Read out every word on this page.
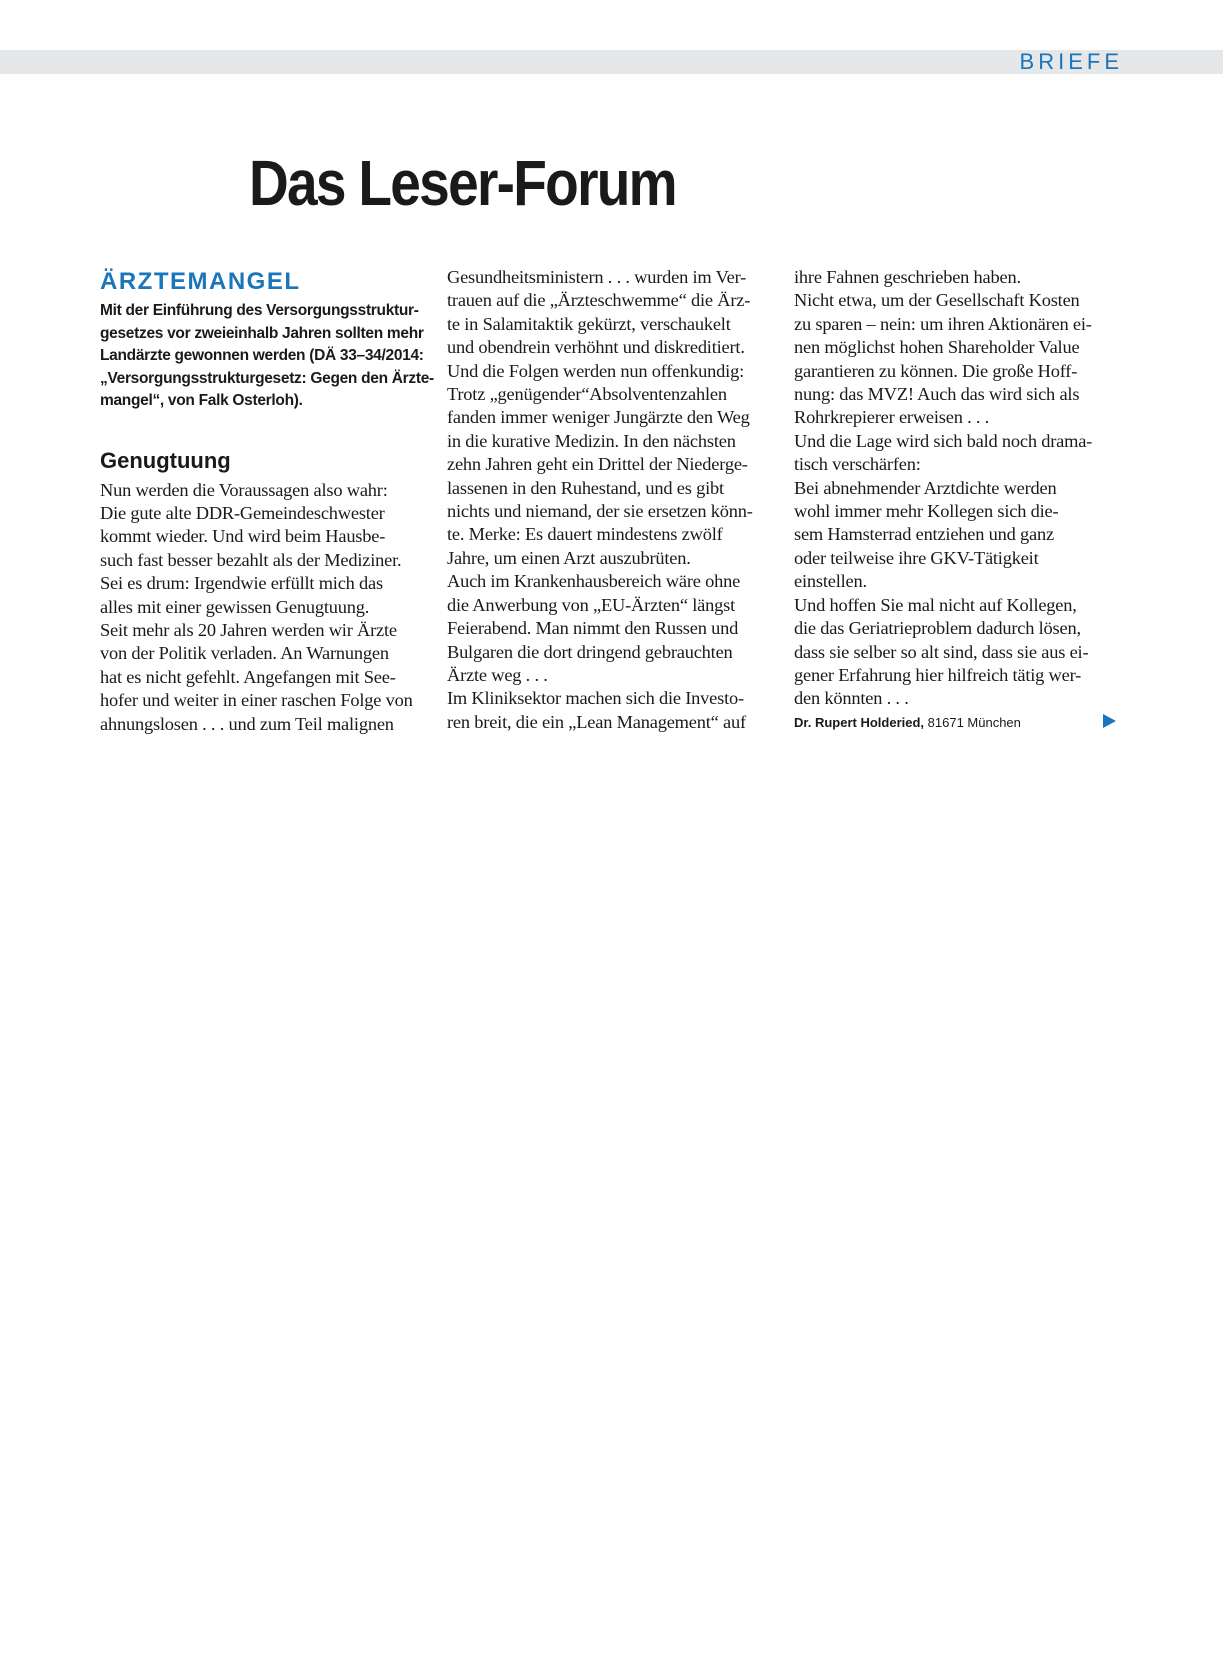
BRIEFE
Das Leser-Forum
ÄRZTEMANGEL

Mit der Einführung des Versorgungsstruktur-
gesetzes vor zweieinhalb Jahren sollten mehr
Landärzte gewonnen werden (DÄ 33–34/2014:
„Versorgungsstrukturgesetz: Gegen den Ärzte-
mangel“, von Falk Osterloh).

Genugtuung

Nun werden die Voraussagen also wahr:
Die gute alte DDR-Gemeindeschwester
kommt wieder. Und wird beim Hausbe-
such fast besser bezahlt als der Mediziner.
Sei es drum: Irgendwie erfüllt mich das
alles mit einer gewissen Genugtuung.
Seit mehr als 20 Jahren werden wir Ärzte
von der Politik verladen. An Warnungen
hat es nicht gefehlt. Angefangen mit See-
hofer und weiter in einer raschen Folge von
ahnungslosen . . . und zum Teil malignen

Gesundheitsministern . . . wurden im Ver-
trauen auf die „Ärzteschwemme“ die Ärz-
te in Salamitaktik gekürzt, verschaukelt
und obendrein verhöhnt und diskreditiert.
Und die Folgen werden nun offenkundig:
Trotz „genügender“Absolventenzahlen
fanden immer weniger Jungärzte den Weg
in die kurative Medizin. In den nächsten
zehn Jahren geht ein Drittel der Niederge-
lassenen in den Ruhestand, und es gibt
nichts und niemand, der sie ersetzen könn-
te. Merke: Es dauert mindestens zwölf
Jahre, um einen Arzt auszubrüten.
Auch im Krankenhausbereich wäre ohne
die Anwerbung von „EU-Ärzten“ längst
Feierabend. Man nimmt den Russen und
Bulgaren die dort dringend gebrauchten
Ärzte weg . . .
Im Kliniksektor machen sich die Investo-
ren breit, die ein „Lean Management“ auf

ihre Fahnen geschrieben haben.
Nicht etwa, um der Gesellschaft Kosten
zu sparen – nein: um ihren Aktionären ei-
nen möglichst hohen Shareholder Value
garantieren zu können. Die große Hoff-
nung: das MVZ! Auch das wird sich als
Rohrkrepierer erweisen . . .
Und die Lage wird sich bald noch drama-
tisch verschärfen:
Bei abnehmender Arztdichte werden
wohl immer mehr Kollegen sich die-
sem Hamsterrad entziehen und ganz
oder teilweise ihre GKV-Tätigkeit
einstellen.
Und hoffen Sie mal nicht auf Kollegen,
die das Geriatrieproblem dadurch lösen,
dass sie selber so alt sind, dass sie aus ei-
gener Erfahrung hier hilfreich tätig wer-
den könnten . . .

Dr. Rupert Holderied, 81671 München
